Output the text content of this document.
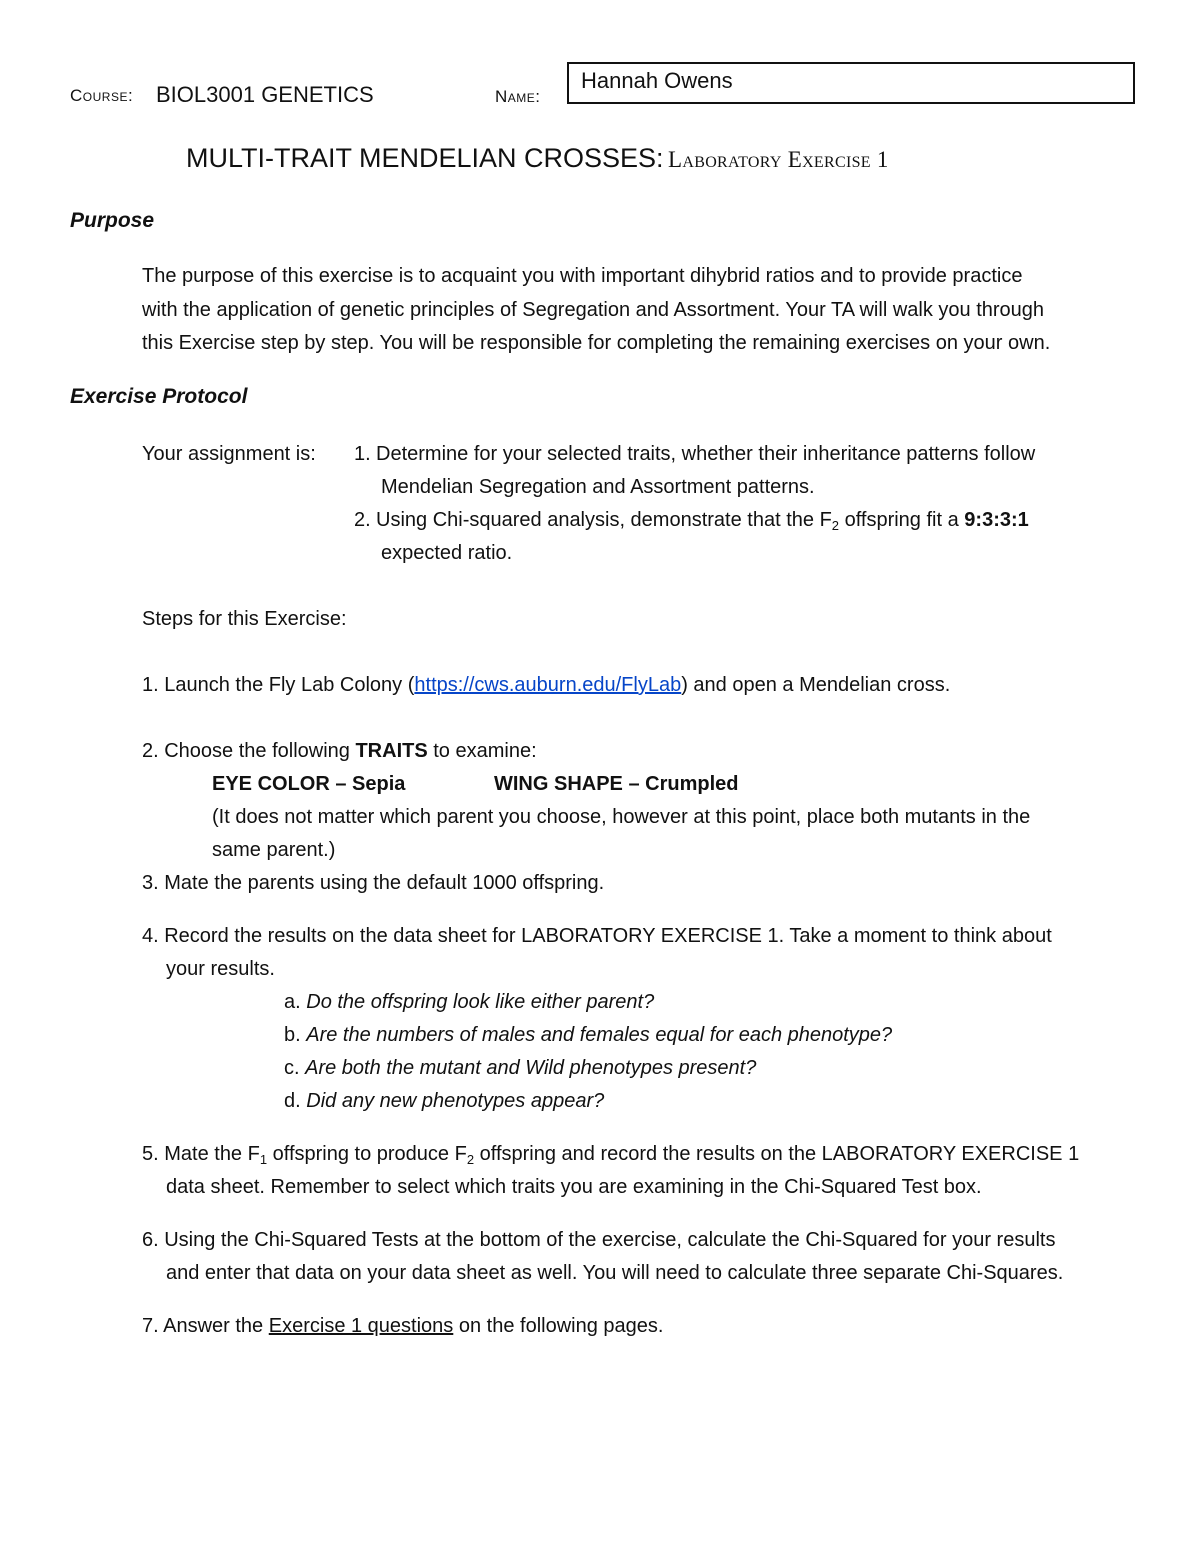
Course: BIOL3001 GENETICS	Name:
Hannah Owens
MULTI-TRAIT MENDELIAN CROSSES: Laboratory Exercise 1
Purpose
The purpose of this exercise is to acquaint you with important dihybrid ratios and to provide practice
with the application of genetic principles of Segregation and Assortment. Your TA will walk you through
this Exercise step by step. You will be responsible for completing the remaining exercises on your own.
Exercise Protocol
Your assignment is: 1. Determine for your selected traits, whether their inheritance patterns follow
Mendelian Segregation and Assortment patterns.
2. Using Chi-squared analysis, demonstrate that the $F_2$ offspring fit a 9:3:3:1
expected ratio.
Steps for this Exercise:
1. Launch the Fly Lab Colony (https://cws.auburn.edu/FlyLab) and open a Mendelian cross.
2. Choose the following TRAITS to examine:
EYE COLOR – Sepia	WING SHAPE – Crumpled
(It does not matter which parent you choose, however at this point, place both mutants in the
same parent.)
3. Mate the parents using the default 1000 offspring.
4. Record the results on the data sheet for LABORATORY EXERCISE 1. Take a moment to think about
your results.
a. Do the offspring look like either parent?
b. Are the numbers of males and females equal for each phenotype?
c. Are both the mutant and Wild phenotypes present?
d. Did any new phenotypes appear?
5. Mate the $F_1$ offspring to produce $F_2$ offspring and record the results on the LABORATORY EXERCISE 1
data sheet. Remember to select which traits you are examining in the Chi-Squared Test box.
6. Using the Chi-Squared Tests at the bottom of the exercise, calculate the Chi-Squared for your results
and enter that data on your data sheet as well. You will need to calculate three separate Chi-Squares.
7. Answer the Exercise 1 questions on the following pages.
